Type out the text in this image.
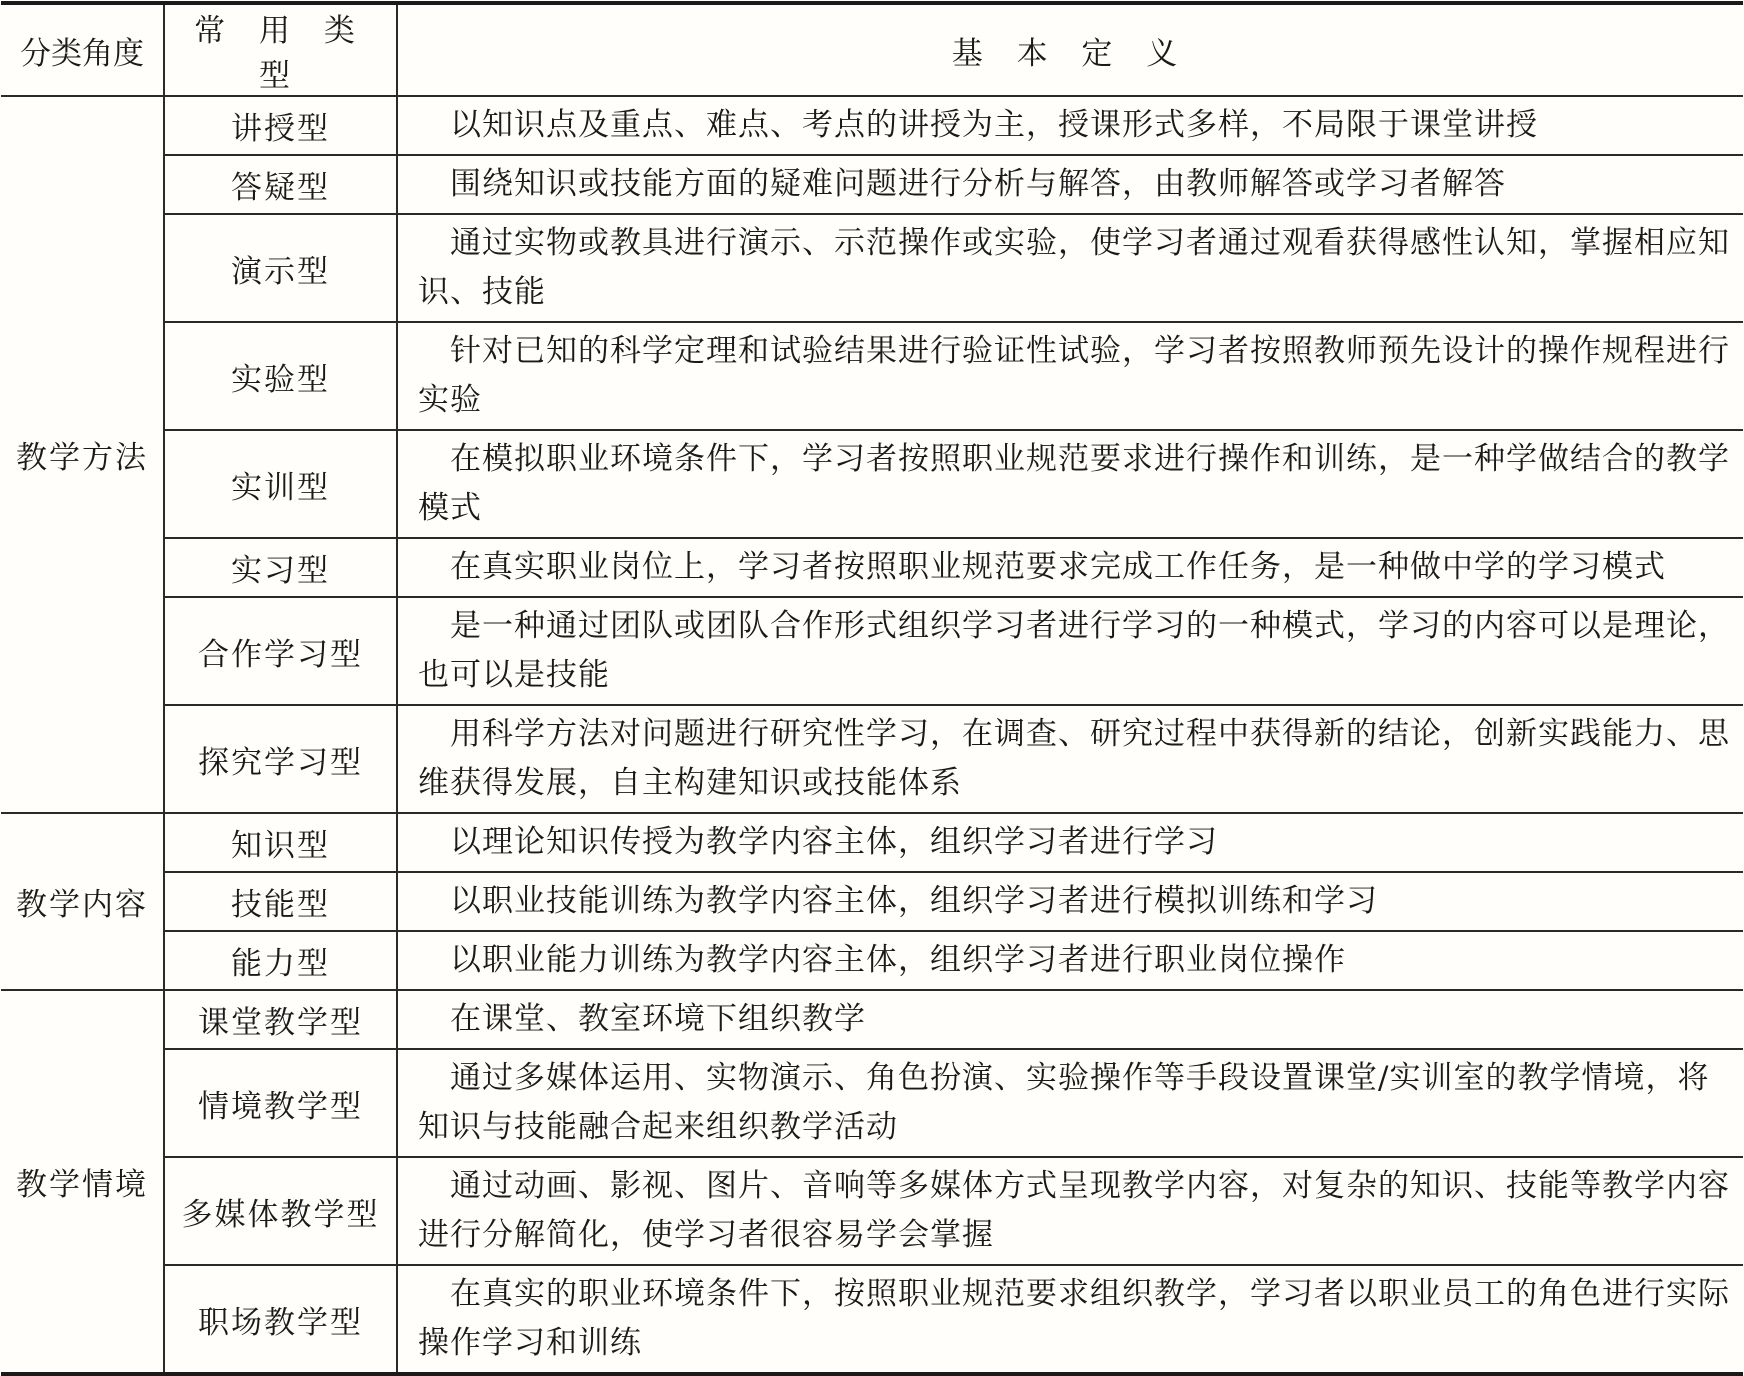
分类角度	常 用 类 型	基 本 定 义
教学方法	讲授型	以知识点及重点、难点、考点的讲授为主，授课形式多样，不局限于课堂讲授
	答疑型	围绕知识或技能方面的疑难问题进行分析与解答，由教师解答或学习者解答
	演示型	通过实物或教具进行演示、示范操作或实验，使学习者通过观看获得感性认知，掌握相应知识、技能
	实验型	针对已知的科学定理和试验结果进行验证性试验，学习者按照教师预先设计的操作规程进行实验
	实训型	在模拟职业环境条件下，学习者按照职业规范要求进行操作和训练，是一种学做结合的教学模式
	实习型	在真实职业岗位上，学习者按照职业规范要求完成工作任务，是一种做中学的学习模式
	合作学习型	是一种通过团队或团队合作形式组织学习者进行学习的一种模式，学习的内容可以是理论，也可以是技能
	探究学习型	用科学方法对问题进行研究性学习，在调查、研究过程中获得新的结论，创新实践能力、思维获得发展，自主构建知识或技能体系
教学内容	知识型	以理论知识传授为教学内容主体，组织学习者进行学习
	技能型	以职业技能训练为教学内容主体，组织学习者进行模拟训练和学习
	能力型	以职业能力训练为教学内容主体，组织学习者进行职业岗位操作
教学情境	课堂教学型	在课堂、教室环境下组织教学
	情境教学型	通过多媒体运用、实物演示、角色扮演、实验操作等手段设置课堂/实训室的教学情境，将知识与技能融合起来组织教学活动
	多媒体教学型	通过动画、影视、图片、音响等多媒体方式呈现教学内容，对复杂的知识、技能等教学内容进行分解简化，使学习者很容易学会掌握
	职场教学型	在真实的职业环境条件下，按照职业规范要求组织教学，学习者以职业员工的角色进行实际操作学习和训练
